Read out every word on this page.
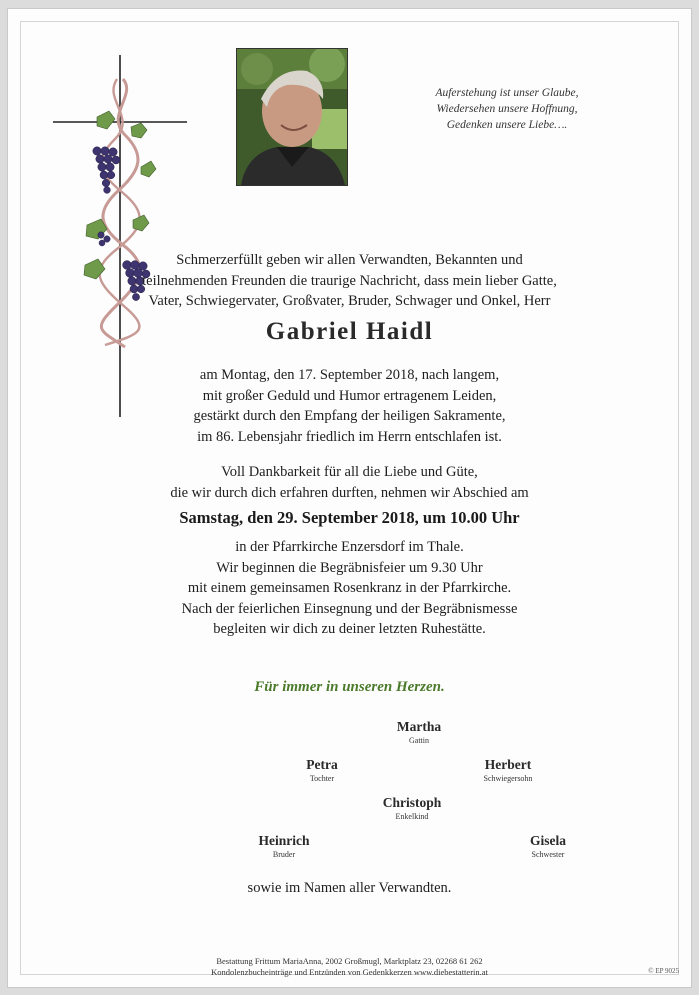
Auferstehung ist unser Glaube,
Wiedersehen unsere Hoffnung,
Gedenken unsere Liebe….
Schmerzerfüllt geben wir allen Verwandten, Bekannten und
teilnehmenden Freunden die traurige Nachricht, dass mein lieber Gatte,
Vater, Schwiegervater, Großvater, Bruder, Schwager und Onkel, Herr
Gabriel Haidl
am Montag, den 17. September 2018, nach langem,
mit großer Geduld und Humor ertragenem Leiden,
gestärkt durch den Empfang der heiligen Sakramente,
im 86. Lebensjahr friedlich im Herrn entschlafen ist.
Voll Dankbarkeit für all die Liebe und Güte,
die wir durch dich erfahren durften, nehmen wir Abschied am
Samstag, den 29. September 2018, um 10.00 Uhr
in der Pfarrkirche Enzersdorf im Thale.
Wir beginnen die Begräbnisfeier um 9.30 Uhr
mit einem gemeinsamen Rosenkranz in der Pfarrkirche.
Nach der feierlichen Einsegnung und der Begräbnismesse
begleiten wir dich zu deiner letzten Ruhestätte.
Für immer in unseren Herzen.
Martha
Gattin
Petra
Tochter
Herbert
Schwiegersohn
Christoph
Enkelkind
Heinrich
Bruder
Gisela
Schwester
sowie im Namen aller Verwandten.
Bestattung Frittum MariaAnna, 2002 Großmugl, Marktplatz 23, 02268 61 262
Kondolenzbucheinträge und Entzünden von Gedenkkerzen www.diebestatterin.at	© EP 9025
